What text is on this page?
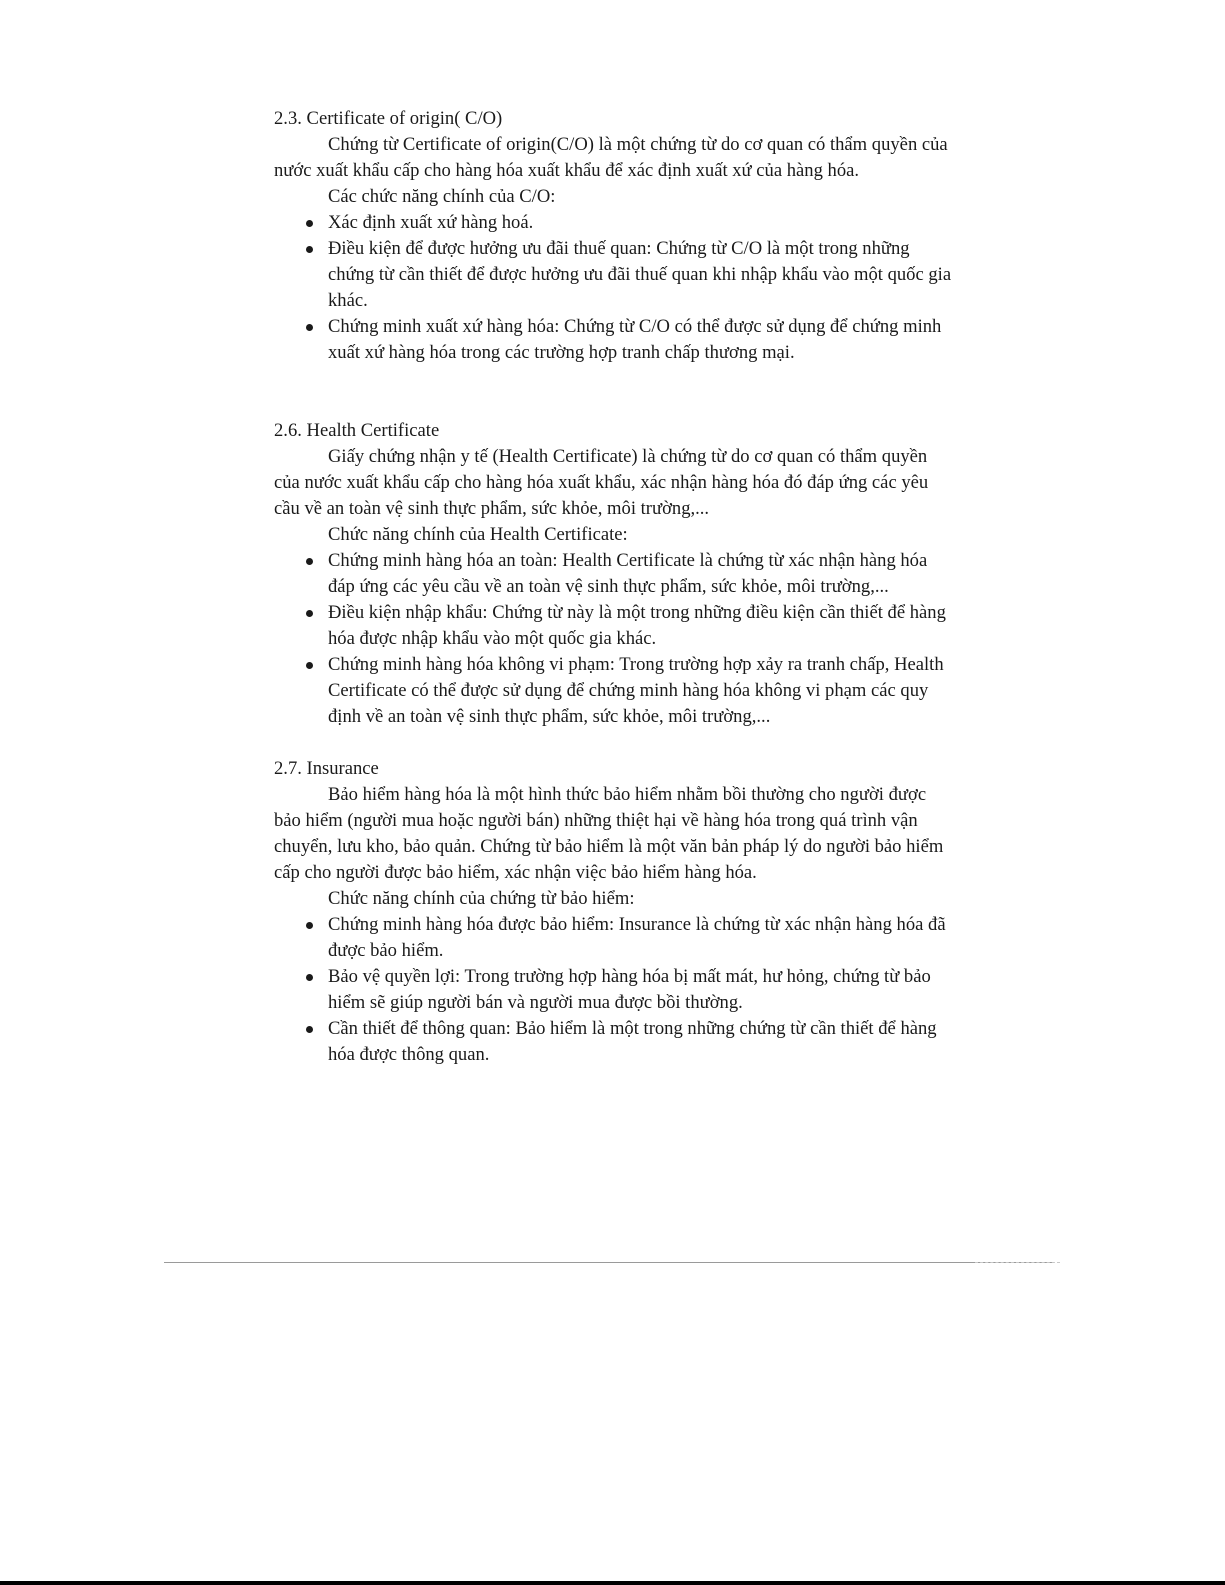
2.3. Certificate of origin( C/O)

Chứng từ Certificate of origin(C/O) là một chứng từ do cơ quan có thẩm quyền của nước xuất khẩu cấp cho hàng hóa xuất khẩu để xác định xuất xứ của hàng hóa.

Các chức năng chính của C/O:

Xác định xuất xứ hàng hoá.
Điều kiện để được hưởng ưu đãi thuế quan: Chứng từ C/O là một trong những chứng từ cần thiết để được hưởng ưu đãi thuế quan khi nhập khẩu vào một quốc gia khác.
Chứng minh xuất xứ hàng hóa: Chứng từ C/O có thể được sử dụng để chứng minh xuất xứ hàng hóa trong các trường hợp tranh chấp thương mại.
2.6. Health Certificate

Giấy chứng nhận y tế (Health Certificate) là chứng từ do cơ quan có thẩm quyền của nước xuất khẩu cấp cho hàng hóa xuất khẩu, xác nhận hàng hóa đó đáp ứng các yêu cầu về an toàn vệ sinh thực phẩm, sức khỏe, môi trường,...

Chức năng chính của Health Certificate:

Chứng minh hàng hóa an toàn: Health Certificate là chứng từ xác nhận hàng hóa đáp ứng các yêu cầu về an toàn vệ sinh thực phẩm, sức khỏe, môi trường,...
Điều kiện nhập khẩu: Chứng từ này là một trong những điều kiện cần thiết để hàng hóa được nhập khẩu vào một quốc gia khác.
Chứng minh hàng hóa không vi phạm: Trong trường hợp xảy ra tranh chấp, Health Certificate có thể được sử dụng để chứng minh hàng hóa không vi phạm các quy định về an toàn vệ sinh thực phẩm, sức khỏe, môi trường,...
2.7. Insurance

Bảo hiểm hàng hóa là một hình thức bảo hiểm nhằm bồi thường cho người được bảo hiểm (người mua hoặc người bán) những thiệt hại về hàng hóa trong quá trình vận chuyển, lưu kho, bảo quản. Chứng từ bảo hiểm là một văn bản pháp lý do người bảo hiểm cấp cho người được bảo hiểm, xác nhận việc bảo hiểm hàng hóa.

Chức năng chính của chứng từ bảo hiểm:

Chứng minh hàng hóa được bảo hiểm: Insurance là chứng từ xác nhận hàng hóa đã được bảo hiểm.
Bảo vệ quyền lợi: Trong trường hợp hàng hóa bị mất mát, hư hỏng, chứng từ bảo hiểm sẽ giúp người bán và người mua được bồi thường.
Cần thiết để thông quan: Bảo hiểm là một trong những chứng từ cần thiết để hàng hóa được thông quan.
